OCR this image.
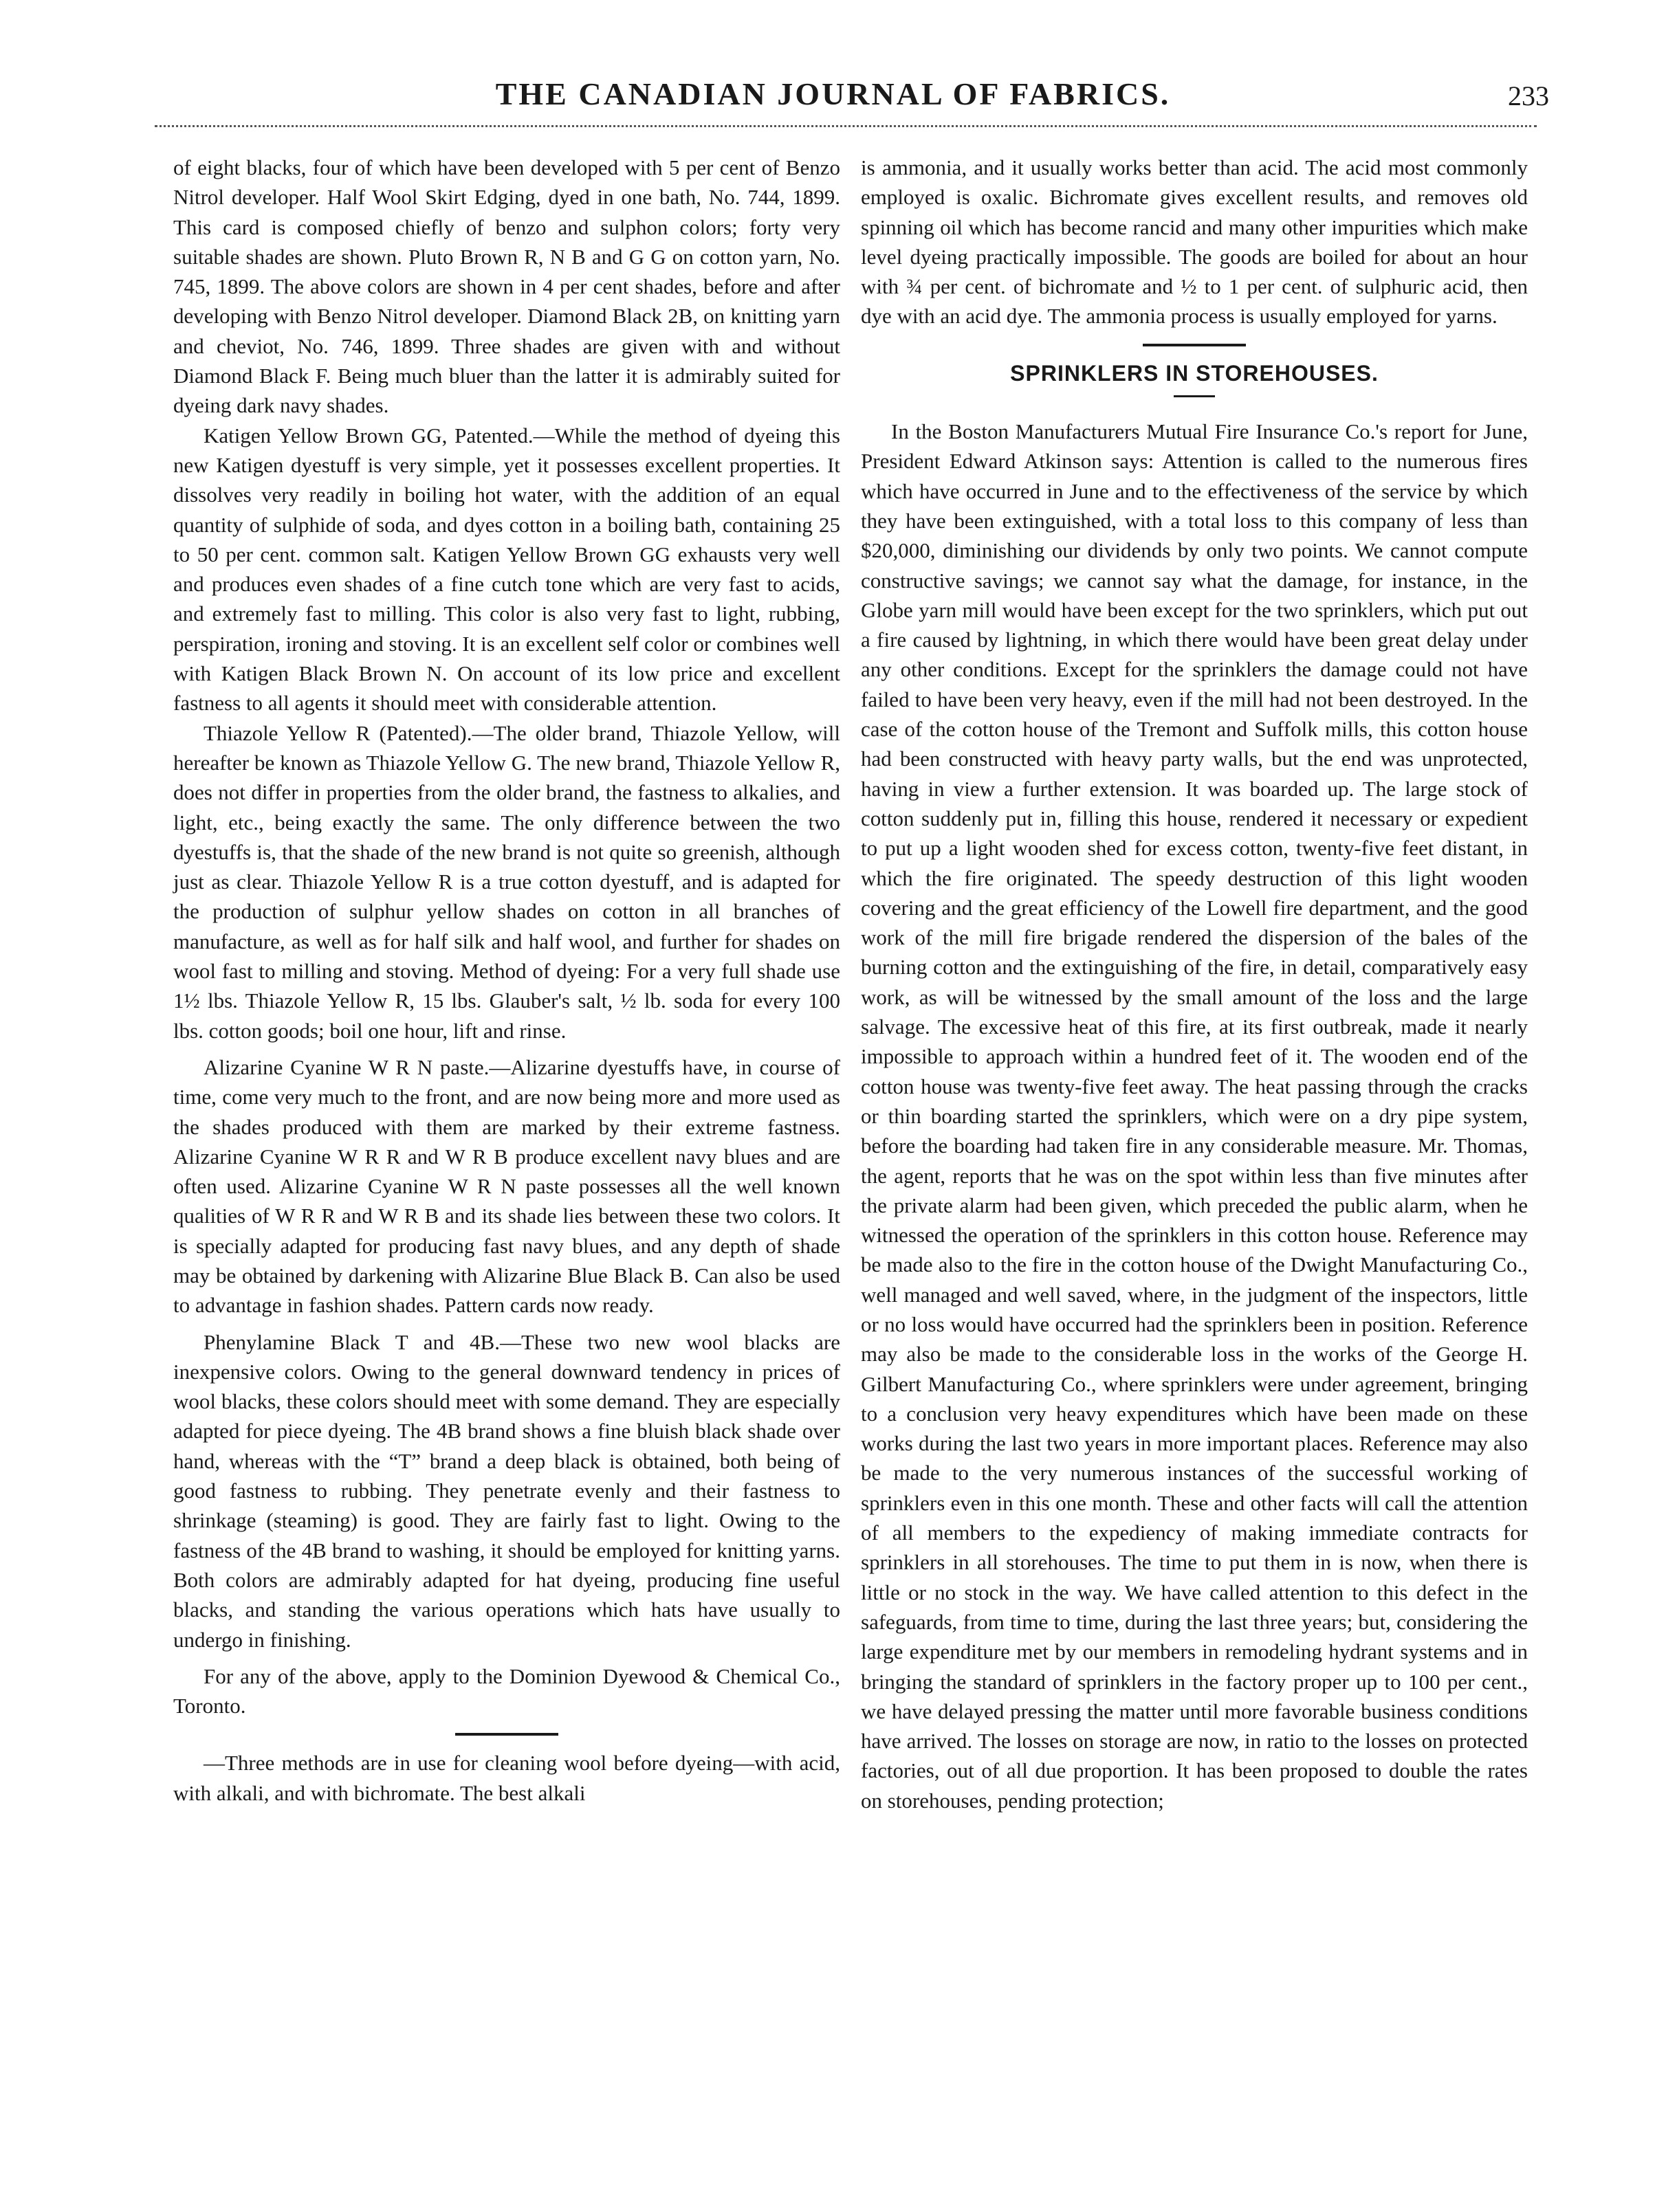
THE CANADIAN JOURNAL OF FABRICS.	233

of eight blacks, four of which have been developed with 5 per cent of Benzo Nitrol developer. Half Wool Skirt Edging, dyed in one bath, No. 744, 1899. This card is composed chiefly of benzo and sulphon colors; forty very suitable shades are shown. Pluto Brown R, N B and G G on cotton yarn, No. 745, 1899. The above colors are shown in 4 per cent shades, before and after developing with Benzo Nitrol developer. Diamond Black 2B, on knitting yarn and cheviot, No. 746, 1899. Three shades are given with and without Diamond Black F. Being much bluer than the latter it is admirably suited for dyeing dark navy shades.

Katigen Yellow Brown GG, Patented.—While the method of dyeing this new Katigen dyestuff is very simple, yet it possesses excellent properties. It dissolves very readily in boiling hot water, with the addition of an equal quantity of sulphide of soda, and dyes cotton in a boiling bath, containing 25 to 50 per cent. common salt. Katigen Yellow Brown GG exhausts very well and produces even shades of a fine cutch tone which are very fast to acids, and extremely fast to milling. This color is also very fast to light, rubbing, perspiration, ironing and stoving. It is an excellent self color or combines well with Katigen Black Brown N. On account of its low price and excellent fastness to all agents it should meet with considerable attention.

Thiazole Yellow R (Patented).—The older brand, Thiazole Yellow, will hereafter be known as Thiazole Yellow G. The new brand, Thiazole Yellow R, does not differ in properties from the older brand, the fastness to alkalies, and light, etc., being exactly the same. The only difference between the two dyestuffs is, that the shade of the new brand is not quite so greenish, although just as clear. Thiazole Yellow R is a true cotton dyestuff, and is adapted for the production of sulphur yellow shades on cotton in all branches of manufacture, as well as for half silk and half wool, and further for shades on wool fast to milling and stoving. Method of dyeing: For a very full shade use 1½ lbs. Thiazole Yellow R, 15 lbs. Glauber's salt, ½ lb. soda for every 100 lbs. cotton goods; boil one hour, lift and rinse.

Alizarine Cyanine W R N paste.—Alizarine dyestuffs have, in course of time, come very much to the front, and are now being more and more used as the shades produced with them are marked by their extreme fastness. Alizarine Cyanine W R R and W R B produce excellent navy blues and are often used. Alizarine Cyanine W R N paste possesses all the well known qualities of W R R and W R B and its shade lies between these two colors. It is specially adapted for producing fast navy blues, and any depth of shade may be obtained by darkening with Alizarine Blue Black B. Can also be used to advantage in fashion shades. Pattern cards now ready.

Phenylamine Black T and 4B.—These two new wool blacks are inexpensive colors. Owing to the general downward tendency in prices of wool blacks, these colors should meet with some demand. They are especially adapted for piece dyeing. The 4B brand shows a fine bluish black shade over hand, whereas with the “T” brand a deep black is obtained, both being of good fastness to rubbing. They penetrate evenly and their fastness to shrinkage (steaming) is good. They are fairly fast to light. Owing to the fastness of the 4B brand to washing, it should be employed for knitting yarns. Both colors are admirably adapted for hat dyeing, producing fine useful blacks, and standing the various operations which hats have usually to undergo in finishing.

For any of the above, apply to the Dominion Dyewood & Chemical Co., Toronto.

—Three methods are in use for cleaning wool before dyeing—with acid, with alkali, and with bichromate. The best alkali

is ammonia, and it usually works better than acid. The acid most commonly employed is oxalic. Bichromate gives excellent results, and removes old spinning oil which has become rancid and many other impurities which make level dyeing practically impossible. The goods are boiled for about an hour with ¾ per cent. of bichromate and ½ to 1 per cent. of sulphuric acid, then dye with an acid dye. The ammonia process is usually employed for yarns.

SPRINKLERS IN STOREHOUSES.

In the Boston Manufacturers Mutual Fire Insurance Co.'s report for June, President Edward Atkinson says: Attention is called to the numerous fires which have occurred in June and to the effectiveness of the service by which they have been extinguished, with a total loss to this company of less than $20,000, diminishing our dividends by only two points. We cannot compute constructive savings; we cannot say what the damage, for instance, in the Globe yarn mill would have been except for the two sprinklers, which put out a fire caused by lightning, in which there would have been great delay under any other conditions. Except for the sprinklers the damage could not have failed to have been very heavy, even if the mill had not been destroyed. In the case of the cotton house of the Tremont and Suffolk mills, this cotton house had been constructed with heavy party walls, but the end was unprotected, having in view a further extension. It was boarded up. The large stock of cotton suddenly put in, filling this house, rendered it necessary or expedient to put up a light wooden shed for excess cotton, twenty-five feet distant, in which the fire originated. The speedy destruction of this light wooden covering and the great efficiency of the Lowell fire department, and the good work of the mill fire brigade rendered the dispersion of the bales of the burning cotton and the extinguishing of the fire, in detail, comparatively easy work, as will be witnessed by the small amount of the loss and the large salvage. The excessive heat of this fire, at its first outbreak, made it nearly impossible to approach within a hundred feet of it. The wooden end of the cotton house was twenty-five feet away. The heat passing through the cracks or thin boarding started the sprinklers, which were on a dry pipe system, before the boarding had taken fire in any considerable measure. Mr. Thomas, the agent, reports that he was on the spot within less than five minutes after the private alarm had been given, which preceded the public alarm, when he witnessed the operation of the sprinklers in this cotton house. Reference may be made also to the fire in the cotton house of the Dwight Manufacturing Co., well managed and well saved, where, in the judgment of the inspectors, little or no loss would have occurred had the sprinklers been in position. Reference may also be made to the considerable loss in the works of the George H. Gilbert Manufacturing Co., where sprinklers were under agreement, bringing to a conclusion very heavy expenditures which have been made on these works during the last two years in more important places. Reference may also be made to the very numerous instances of the successful working of sprinklers even in this one month. These and other facts will call the attention of all members to the expediency of making immediate contracts for sprinklers in all storehouses. The time to put them in is now, when there is little or no stock in the way. We have called attention to this defect in the safeguards, from time to time, during the last three years; but, considering the large expenditure met by our members in remodeling hydrant systems and in bringing the standard of sprinklers in the factory proper up to 100 per cent., we have delayed pressing the matter until more favorable business conditions have arrived. The losses on storage are now, in ratio to the losses on protected factories, out of all due proportion. It has been proposed to double the rates on storehouses, pending protection;
